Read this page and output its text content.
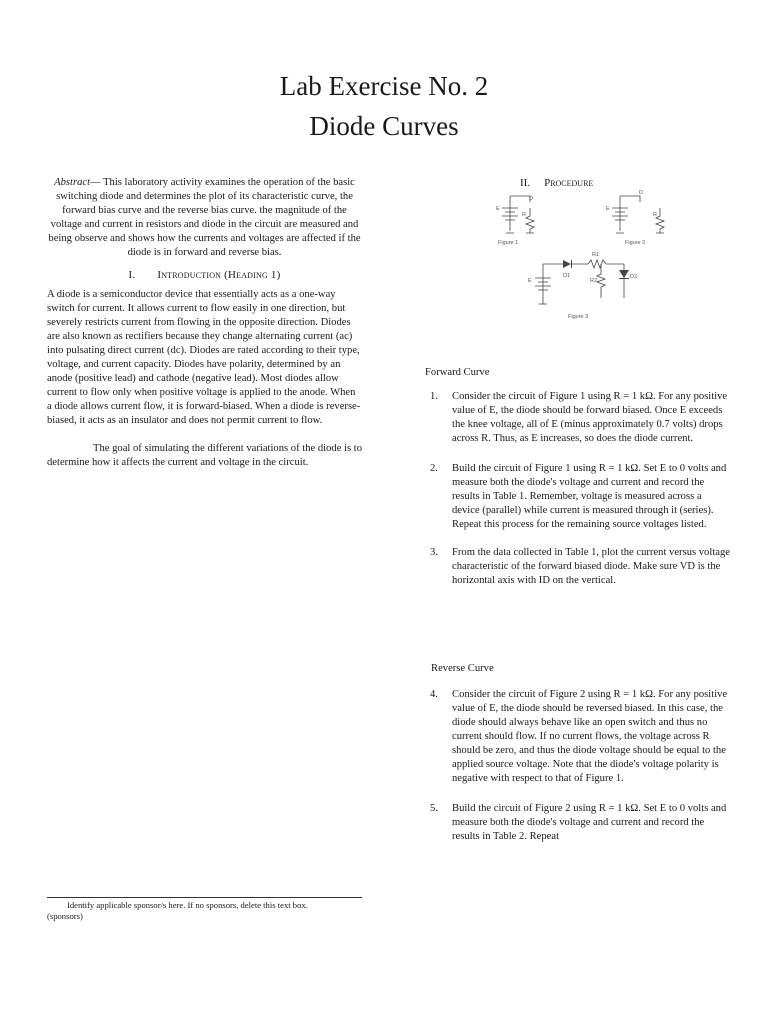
Lab Exercise No. 2
Diode Curves

Abstract— This laboratory activity examines the operation of the basic switching diode and determines the plot of its characteristic curve, the forward bias curve and the reverse bias curve. the magnitude of the voltage and current in resistors and diode in the circuit are measured and being observe and shows how the currents and voltages are affected if the diode is in forward and reverse bias.

I. Introduction (Heading 1)

A diode is a semiconductor device that essentially acts as a one-way switch for current. It allows current to flow easily in one direction, but severely restricts current from flowing in the opposite direction. Diodes are also known as rectifiers because they change alternating current (ac) into pulsating direct current (dc). Diodes are rated according to their type, voltage, and current capacity. Diodes have polarity, determined by an anode (positive lead) and cathode (negative lead). Most diodes allow current to flow only when positive voltage is applied to the anode. When a diode allows current flow, it is forward-biased. When a diode is reverse-biased, it acts as an insulator and does not permit current to flow.

The goal of simulating the different variations of the diode is to determine how it affects the current and voltage in the circuit.

Identify applicable sponsor/s here. If no sponsors, delete this text box.
(sponsors)
II. Procedure
E
R
D
E
R
D
Figure 1	Figure 2
E
R1
D1
R2
D2
Figure 3
Forward Curve
1. Consider the circuit of Figure 1 using R = 1 kΩ. For any positive value of E, the diode should be forward biased. Once E exceeds the knee voltage, all of E (minus approximately 0.7 volts) drops across R. Thus, as E increases, so does the diode current.
2. Build the circuit of Figure 1 using R = 1 kΩ. Set E to 0 volts and measure both the diode's voltage and current and record the results in Table 1. Remember, voltage is measured across a device (parallel) while current is measured through it (series). Repeat this process for the remaining source voltages listed.
3. From the data collected in Table 1, plot the current versus voltage characteristic of the forward biased diode. Make sure VD is the horizontal axis with ID on the vertical.
Reverse Curve
4. Consider the circuit of Figure 2 using R = 1 kΩ. For any positive value of E, the diode should be reversed biased. In this case, the diode should always behave like an open switch and thus no current should flow. If no current flows, the voltage across R should be zero, and thus the diode voltage should be equal to the applied source voltage. Note that the diode's voltage polarity is negative with respect to that of Figure 1.
5. Build the circuit of Figure 2 using R = 1 kΩ. Set E to 0 volts and measure both the diode's voltage and current and record the results in Table 2. Repeat
